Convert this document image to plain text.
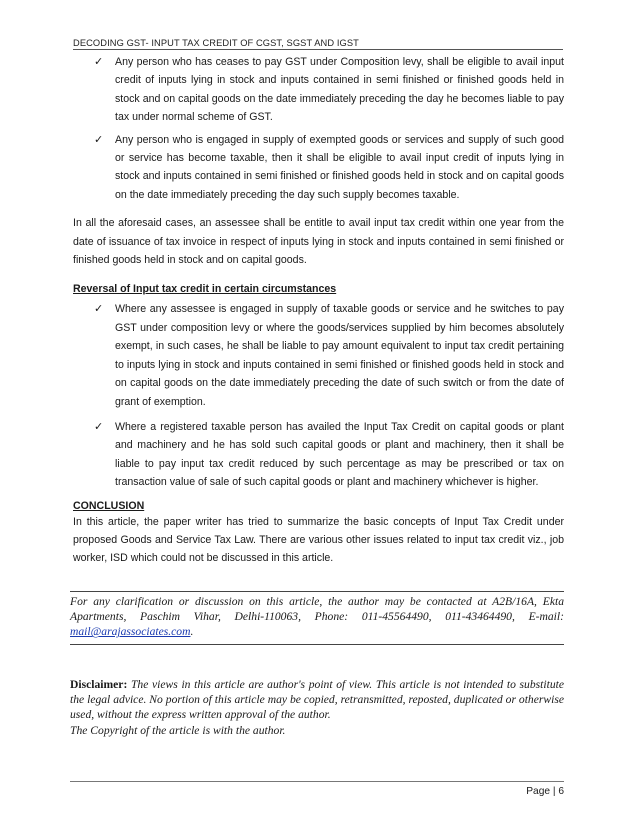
DECODING GST- INPUT TAX CREDIT OF CGST, SGST AND IGST
✓ Any person who has ceases to pay GST under Composition levy, shall be eligible to avail input credit of inputs lying in stock and inputs contained in semi finished or finished goods held in stock and on capital goods on the date immediately preceding the day he becomes liable to pay tax under normal scheme of GST.
✓ Any person who is engaged in supply of exempted goods or services and supply of such good or service has become taxable, then it shall be eligible to avail input credit of inputs lying in stock and inputs contained in semi finished or finished goods held in stock and on capital goods on the date immediately preceding the day such supply becomes taxable.

In all the aforesaid cases, an assessee shall be entitle to avail input tax credit within one year from the date of issuance of tax invoice in respect of inputs lying in stock and inputs contained in semi finished or finished goods held in stock and on capital goods.

Reversal of Input tax credit in certain circumstances
✓ Where any assessee is engaged in supply of taxable goods or service and he switches to pay GST under composition levy or where the goods/services supplied by him becomes absolutely exempt, in such cases, he shall be liable to pay amount equivalent to input tax credit pertaining to inputs lying in stock and inputs contained in semi finished or finished goods held in stock and on capital goods on the date immediately preceding the date of such switch or from the date of grant of exemption.
✓ Where a registered taxable person has availed the Input Tax Credit on capital goods or plant and machinery and he has sold such capital goods or plant and machinery, then it shall be liable to pay input tax credit reduced by such percentage as may be prescribed or tax on transaction value of sale of such capital goods or plant and machinery whichever is higher.
CONCLUSION

In this article, the paper writer has tried to summarize the basic concepts of Input Tax Credit under proposed Goods and Service Tax Law. There are various other issues related to input tax credit viz., job worker, ISD which could not be discussed in this article.

For any clarification or discussion on this article, the author may be contacted at A2B/16A, Ekta Apartments, Paschim Vihar, Delhi-110063, Phone: 011-45564490, 011-43464490, E-mail: mail@arajassociates.com.
Disclaimer: The views in this article are author's point of view. This article is not intended to substitute the legal advice. No portion of this article may be copied, retransmitted, reposted, duplicated or otherwise used, without the express written approval of the author.
The Copyright of the article is with the author.
Page | 6
